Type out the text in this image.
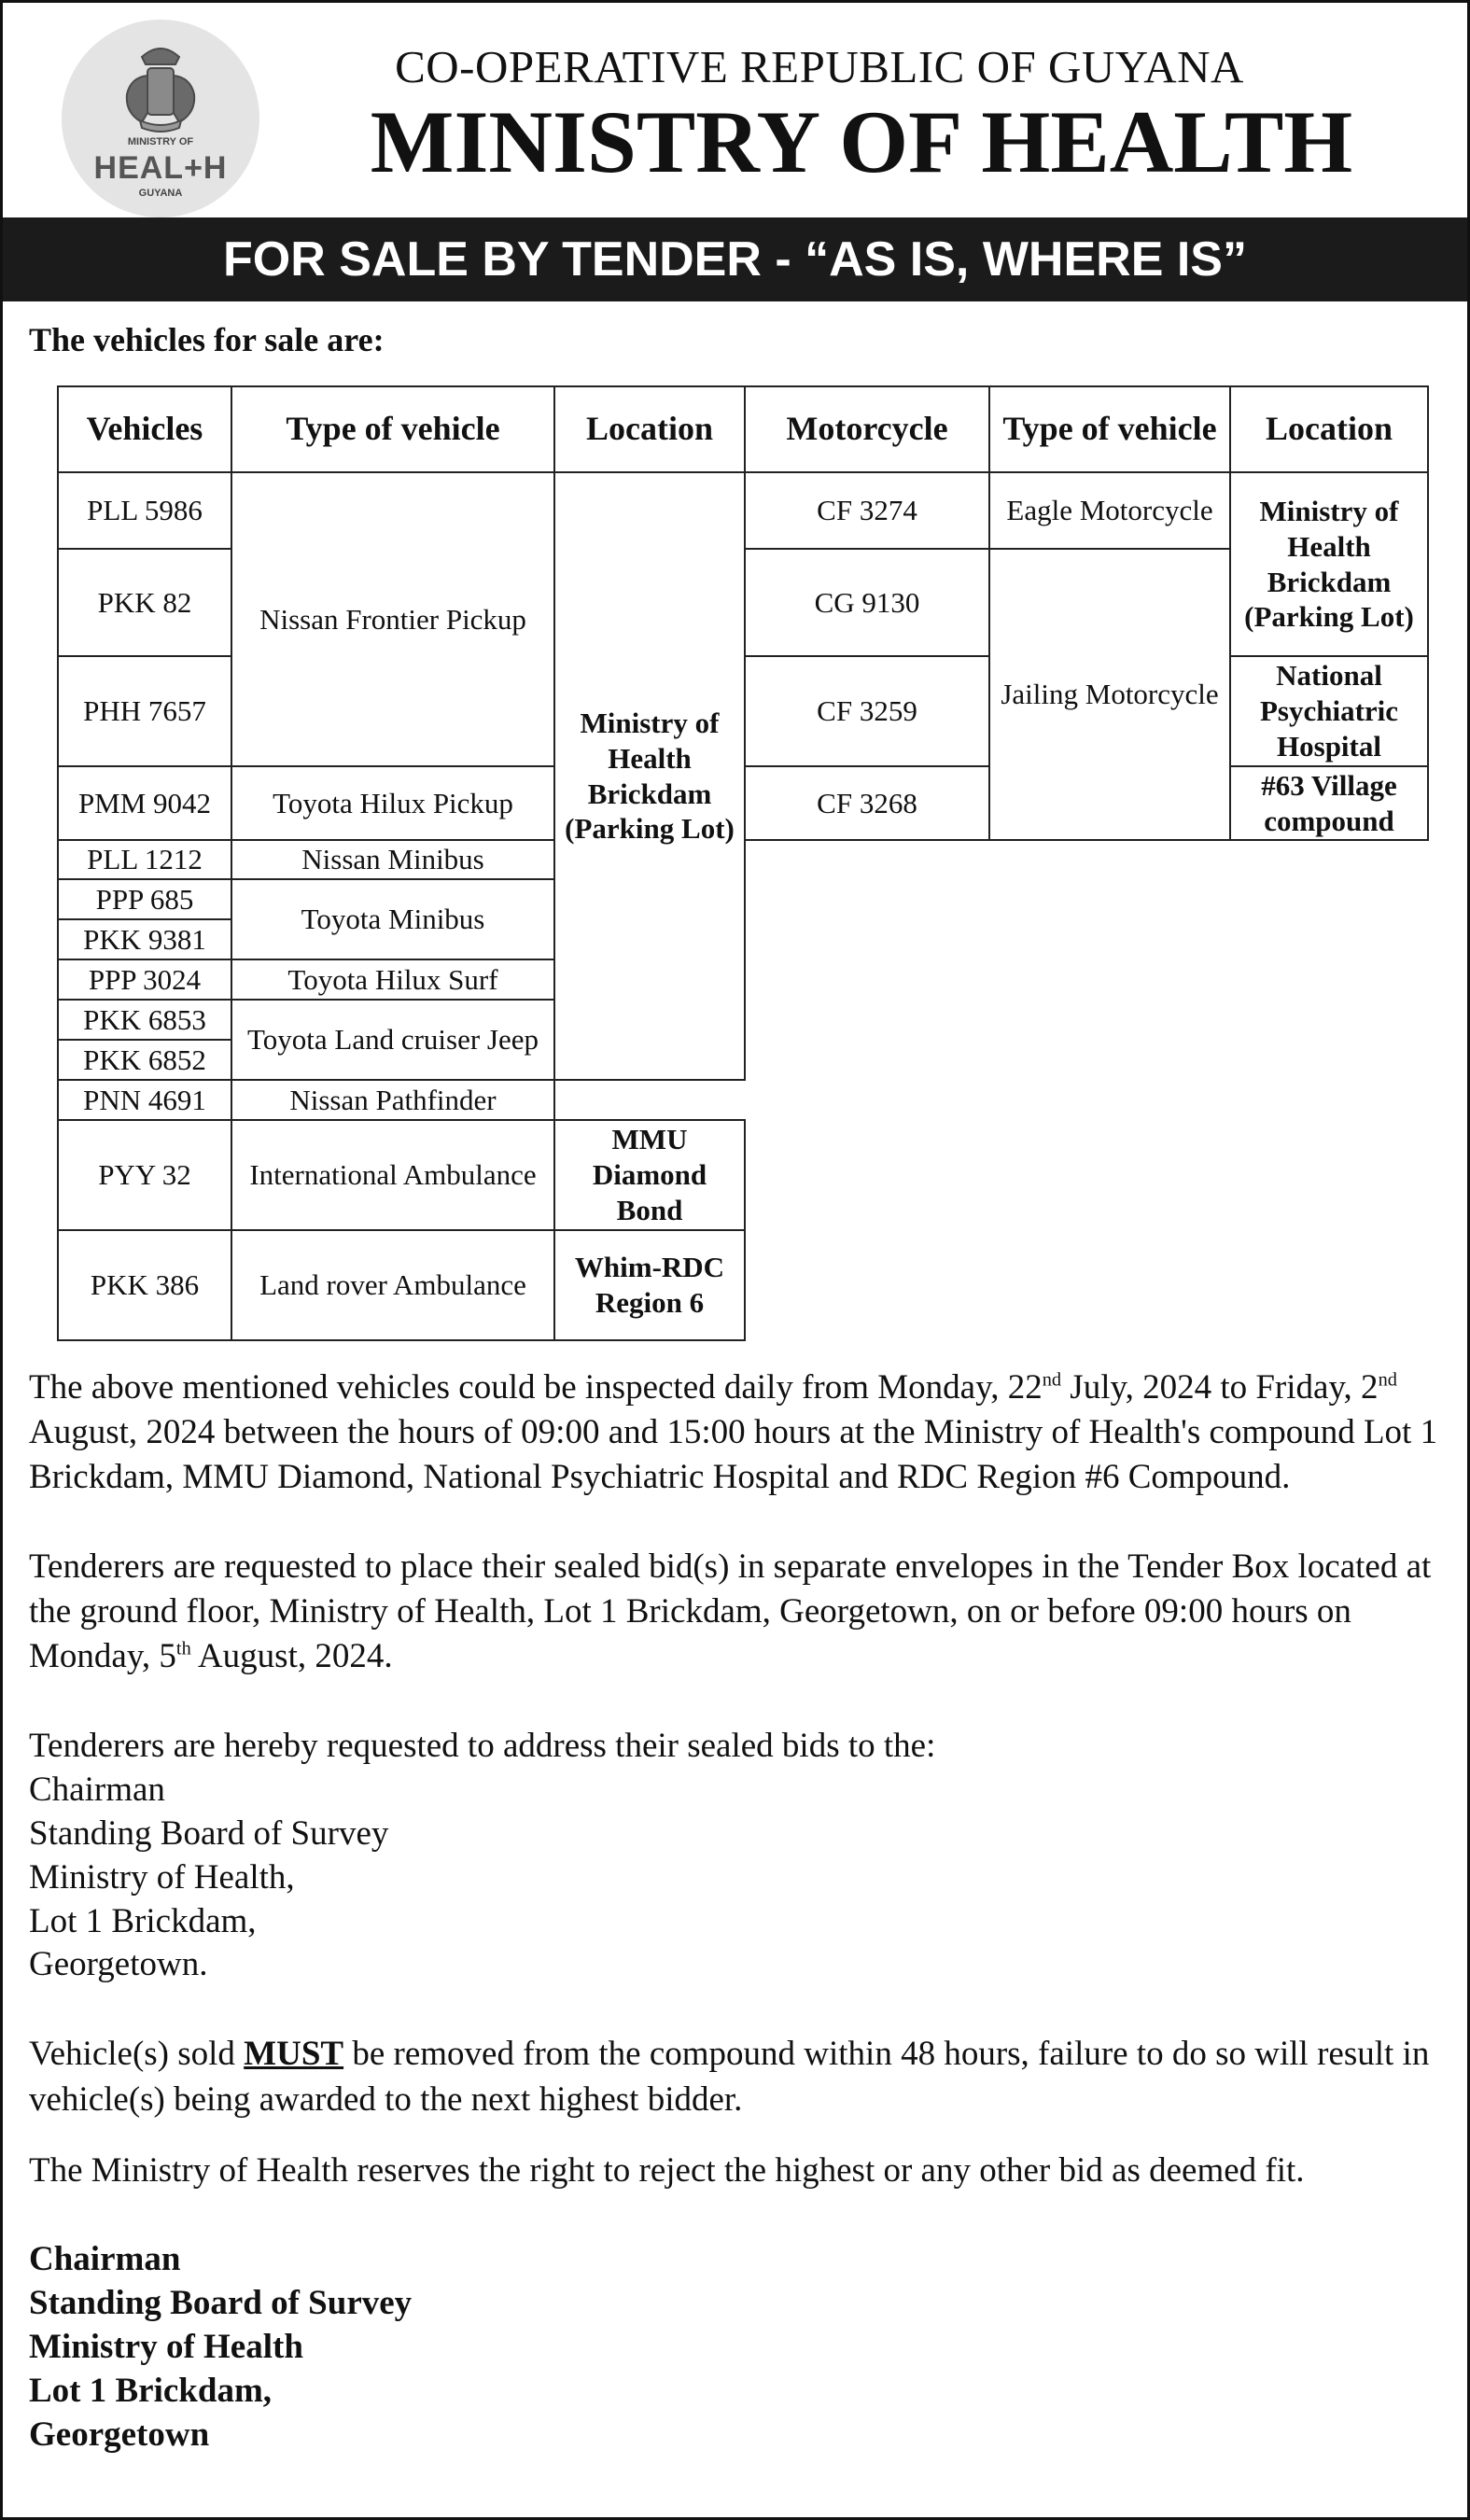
MINISTRY OF
HEAL+H
GUYANA
CO-OPERATIVE REPUBLIC OF GUYANA
MINISTRY OF HEALTH
FOR SALE BY TENDER - “AS IS, WHERE IS”
The vehicles for sale are:
Vehicles	Type of vehicle	Location	Motorcycle	Type of vehicle	Location
PLL 5986	Nissan Frontier Pickup	Ministry of Health Brickdam (Parking Lot)	CF 3274	Eagle Motorcycle	Ministry of Health Brickdam (Parking Lot)
PKK 82			CG 9130	Jailing Motorcycle	
PHH 7657			CF 3259		National Psychiatric Hospital
PMM 9042	Toyota Hilux Pickup		CF 3268		#63 Village compound
PLL 1212	Nissan Minibus				
PPP 685	Toyota Minibus				
PKK 9381					
PPP 3024	Toyota Hilux Surf				
PKK 6853	Toyota Land cruiser Jeep				
PKK 6852					
PNN 4691	Nissan Pathfinder				
PYY 32	International Ambulance	MMU Diamond Bond			
PKK 386	Land rover Ambulance	Whim-RDC Region 6			

The above mentioned vehicles could be inspected daily from Monday, 22nd July, 2024 to Friday, 2nd August, 2024 between the hours of 09:00 and 15:00 hours at the Ministry of Health's compound Lot 1 Brickdam, MMU Diamond, National Psychiatric Hospital and RDC Region #6 Compound.

Tenderers are requested to place their sealed bid(s) in separate envelopes in the Tender Box located at the ground floor, Ministry of Health, Lot 1 Brickdam, Georgetown, on or before 09:00 hours on Monday, 5th August, 2024.

Tenderers are hereby requested to address their sealed bids to the:
Chairman
Standing Board of Survey
Ministry of Health,
Lot 1 Brickdam,
Georgetown.

Vehicle(s) sold MUST be removed from the compound within 48 hours, failure to do so will result in vehicle(s) being awarded to the next highest bidder.

The Ministry of Health reserves the right to reject the highest or any other bid as deemed fit.

Chairman
Standing Board of Survey
Ministry of Health
Lot 1 Brickdam,
Georgetown
